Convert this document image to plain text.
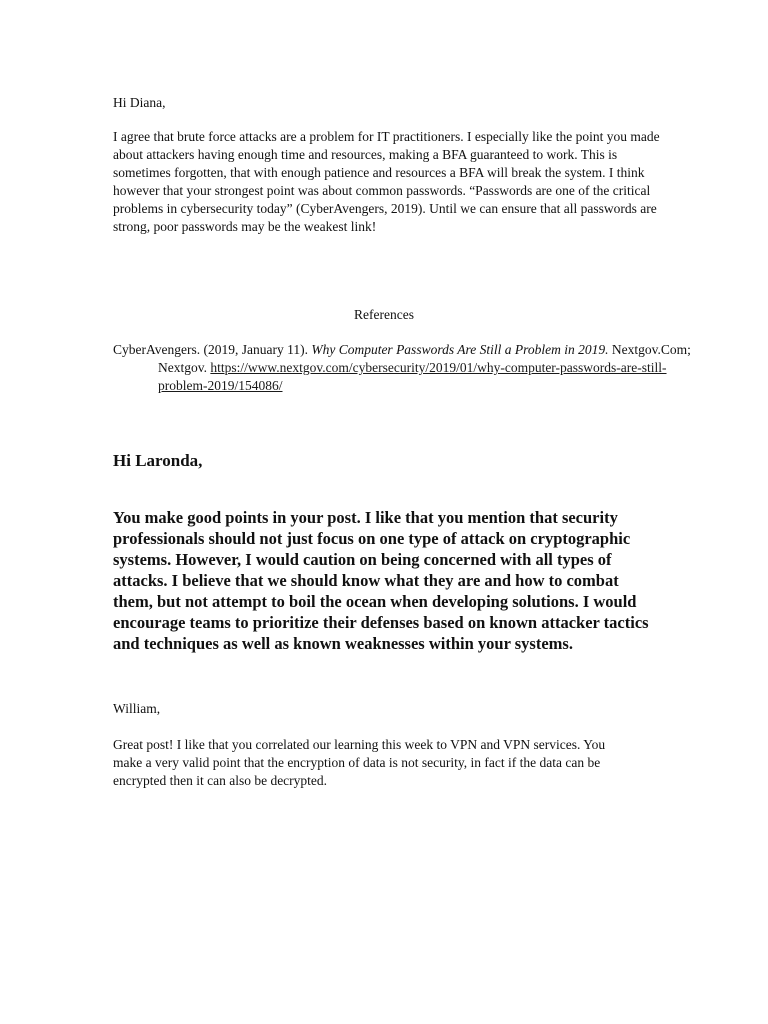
Hi Diana,

I agree that brute force attacks are a problem for IT practitioners. I especially like the point you made about attackers having enough time and resources, making a BFA guaranteed to work. This is sometimes forgotten, that with enough patience and resources a BFA will break the system. I think however that your strongest point was about common passwords. “Passwords are one of the critical problems in cybersecurity today” (CyberAvengers, 2019). Until we can ensure that all passwords are strong, poor passwords may be the weakest link!

References

CyberAvengers. (2019, January 11). Why Computer Passwords Are Still a Problem in 2019. Nextgov.Com; Nextgov. https://www.nextgov.com/cybersecurity/2019/01/why-computer-passwords-are-still-problem-2019/154086/

Hi Laronda,

You make good points in your post. I like that you mention that security professionals should not just focus on one type of attack on cryptographic systems. However, I would caution on being concerned with all types of attacks. I believe that we should know what they are and how to combat them, but not attempt to boil the ocean when developing solutions. I would encourage teams to prioritize their defenses based on known attacker tactics and techniques as well as known weaknesses within your systems.

William,

Great post! I like that you correlated our learning this week to VPN and VPN services. You make a very valid point that the encryption of data is not security, in fact if the data can be encrypted then it can also be decrypted.
